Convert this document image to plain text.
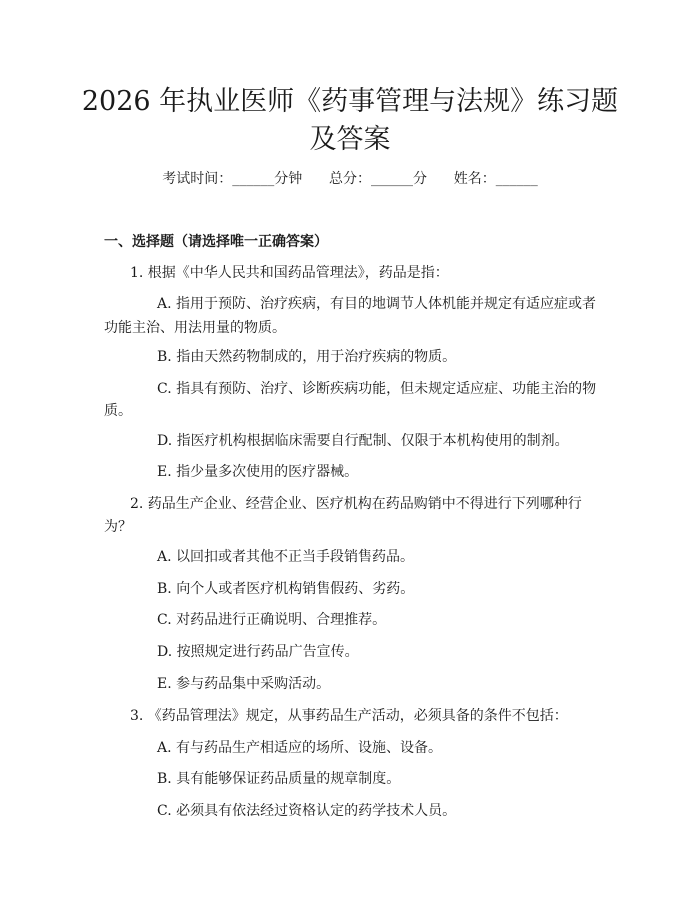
2026 年执业医师《药事管理与法规》练习题
及答案
考试时间：______分钟      总分：______分      姓名：______
一、选择题（请选择唯一正确答案）
1. 根据《中华人民共和国药品管理法》，药品是指：
A. 指用于预防、治疗疾病，有目的地调节人体机能并规定有适应症或者
功能主治、用法用量的物质。
B. 指由天然药物制成的，用于治疗疾病的物质。
C. 指具有预防、治疗、诊断疾病功能，但未规定适应症、功能主治的物
质。
D. 指医疗机构根据临床需要自行配制、仅限于本机构使用的制剂。
E. 指少量多次使用的医疗器械。
2. 药品生产企业、经营企业、医疗机构在药品购销中不得进行下列哪种行
为？
A. 以回扣或者其他不正当手段销售药品。
B. 向个人或者医疗机构销售假药、劣药。
C. 对药品进行正确说明、合理推荐。
D. 按照规定进行药品广告宣传。
E. 参与药品集中采购活动。
3. 《药品管理法》规定，从事药品生产活动，必须具备的条件不包括：
A. 有与药品生产相适应的场所、设施、设备。
B. 具有能够保证药品质量的规章制度。
C. 必须具有依法经过资格认定的药学技术人员。
